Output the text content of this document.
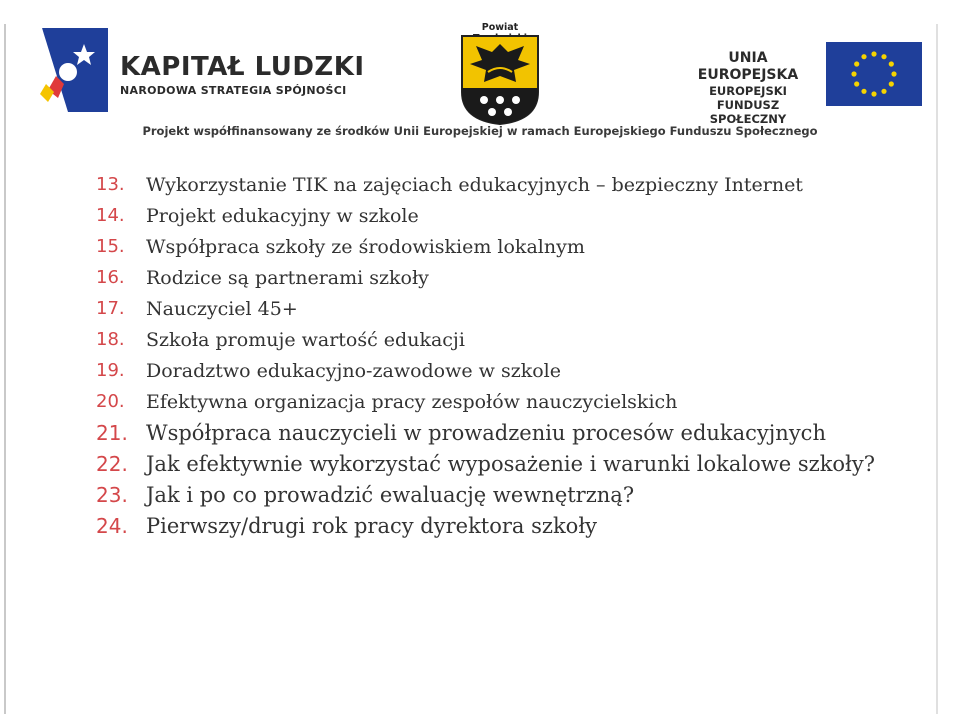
KAPITAŁ LUDZKI
NARODOWA STRATEGIA SPÓJNOŚCI
Powiat
UNIA EUROPEJSKA
EUROPEJSKI
FUNDUSZ SPOŁECZNY
Projekt współfinansowany ze środków Unii Europejskiej w ramach Europejskiego Funduszu Społecznego
13.	Wykorzystanie TIK na zajęciach edukacyjnych – bezpieczny Internet
14.	Projekt edukacyjny w szkole
15.	Współpraca szkoły ze środowiskiem lokalnym
16.	Rodzice są partnerami szkoły
17.	Nauczyciel 45+
18.	Szkoła promuje wartość edukacji
19.	Doradztwo edukacyjno-zawodowe w szkole
20.	Efektywna organizacja pracy zespołów nauczycielskich
21. Współpraca nauczycieli w prowadzeniu procesów edukacyjnych
22. Jak efektywnie wykorzystać wyposażenie i warunki lokalowe szkoły?
23. Jak i po co prowadzić ewaluację wewnętrzną?
24. Pierwszy/drugi rok pracy dyrektora szkoły
